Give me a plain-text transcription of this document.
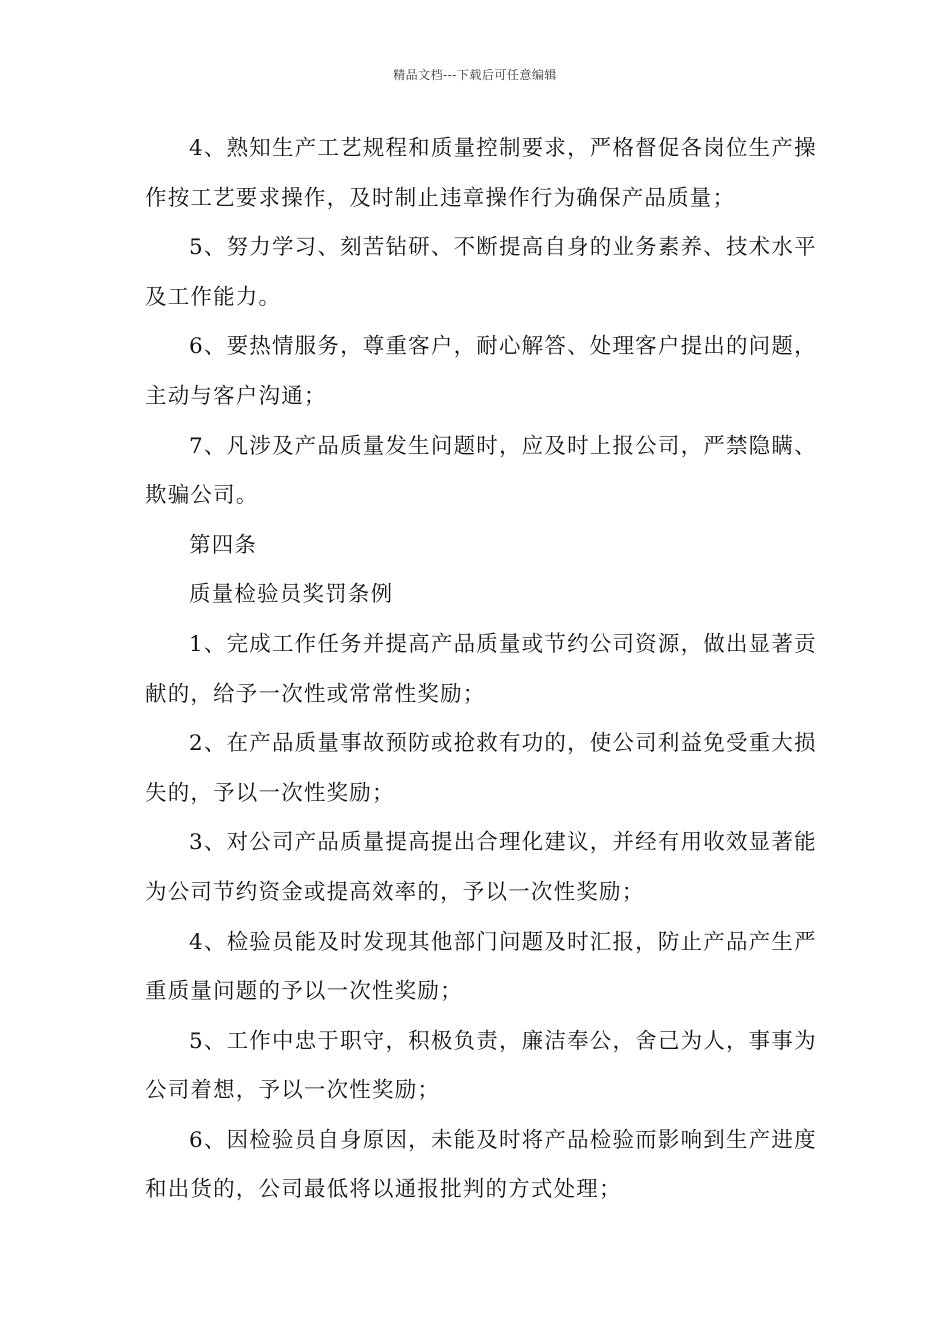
精品文档---下载后可任意编辑
4、熟知生产工艺规程和质量控制要求，严格督促各岗位生产操
作按工艺要求操作，及时制止违章操作行为确保产品质量；
5、努力学习、刻苦钻研、不断提高自身的业务素养、技术水平
及工作能力。
6、要热情服务，尊重客户，耐心解答、处理客户提出的问题，
主动与客户沟通；
7、凡涉及产品质量发生问题时，应及时上报公司，严禁隐瞒、
欺骗公司。
第四条
质量检验员奖罚条例
1、完成工作任务并提高产品质量或节约公司资源，做出显著贡
献的，给予一次性或常常性奖励；
2、在产品质量事故预防或抢救有功的，使公司利益免受重大损
失的，予以一次性奖励；
3、对公司产品质量提高提出合理化建议，并经有用收效显著能
为公司节约资金或提高效率的，予以一次性奖励；
4、检验员能及时发现其他部门问题及时汇报，防止产品产生严
重质量问题的予以一次性奖励；
5、工作中忠于职守，积极负责，廉洁奉公，舍己为人，事事为
公司着想，予以一次性奖励；
6、因检验员自身原因，未能及时将产品检验而影响到生产进度
和出货的，公司最低将以通报批判的方式处理；
